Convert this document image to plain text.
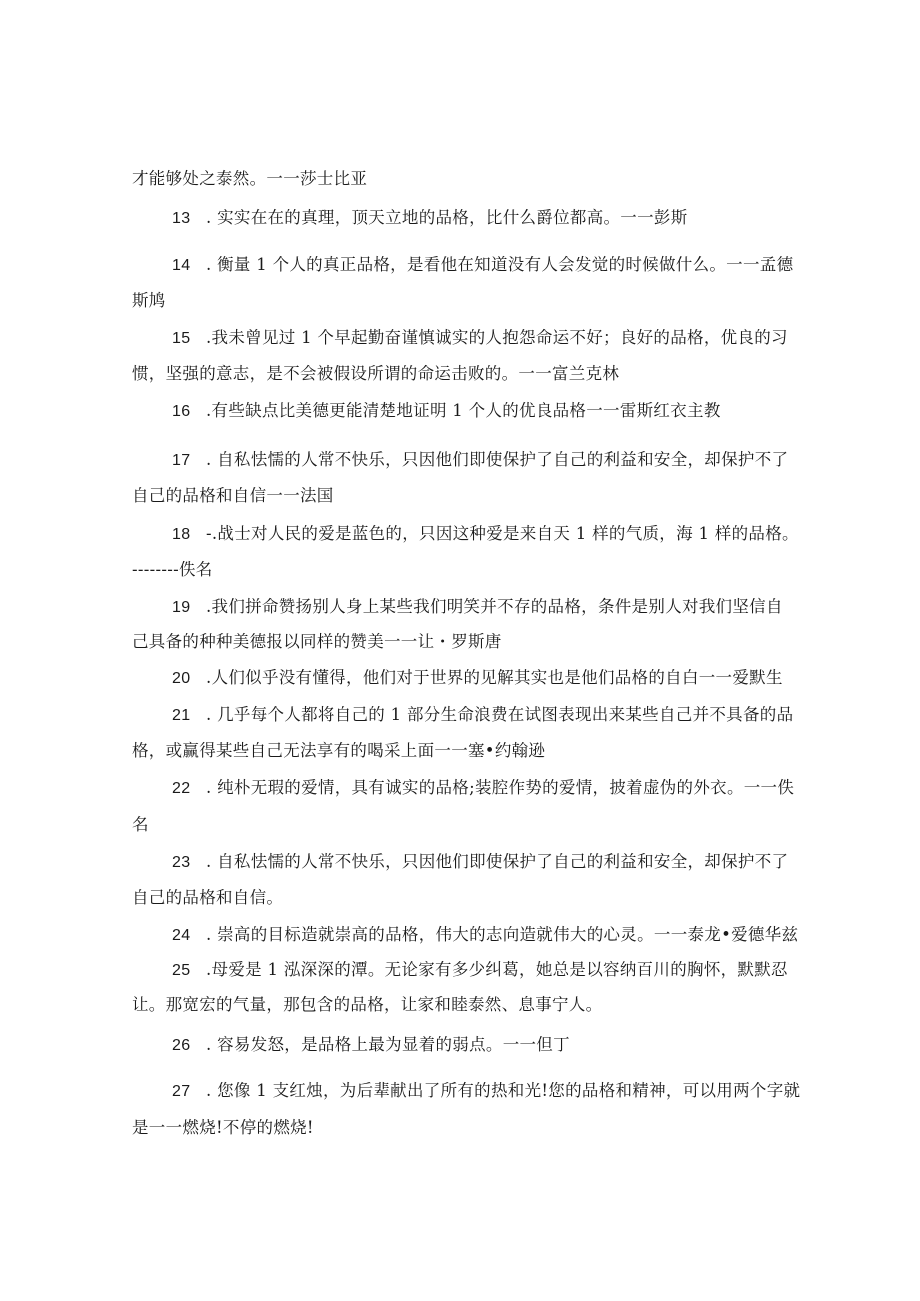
才能够处之泰然。一一莎士比亚
13 . 实实在在的真理，顶天立地的品格，比什么爵位都高。一一彭斯
14 . 衡量 1 个人的真正品格，是看他在知道没有人会发觉的时候做什么。一一孟德
斯鸠
15 .我未曾见过 1 个早起勤奋谨慎诚实的人抱怨命运不好；良好的品格，优良的习
惯，坚强的意志，是不会被假设所谓的命运击败的。一一富兰克林
16 .有些缺点比美德更能清楚地证明 1 个人的优良品格一一雷斯红衣主教
17 . 自私怯懦的人常不快乐，只因他们即使保护了自己的利益和安全，却保护不了
自己的品格和自信一一法国
18 -.战士对人民的爱是蓝色的，只因这种爱是来自天 1 样的气质，海 1 样的品格。
--------佚名
19 .我们拼命赞扬别人身上某些我们明笑并不存的品格，条件是别人对我们坚信自
己具备的种种美德报以同样的赞美一一让・罗斯唐
20 .人们似乎没有懂得，他们对于世界的见解其实也是他们品格的自白一一爱默生
21 . 几乎每个人都将自己的 1 部分生命浪费在试图表现出来某些自己并不具备的品
格，或赢得某些自己无法享有的喝采上面一一塞•约翰逊
22 . 纯朴无瑕的爱情，具有诚实的品格;装腔作势的爱情，披着虚伪的外衣。一一佚
名
23 . 自私怯懦的人常不快乐，只因他们即使保护了自己的利益和安全，却保护不了
自己的品格和自信。
24 . 崇高的目标造就崇高的品格，伟大的志向造就伟大的心灵。一一泰龙•爱德华兹
25 .母爱是 1 泓深深的潭。无论家有多少纠葛，她总是以容纳百川的胸怀，默默忍
让。那宽宏的气量，那包含的品格，让家和睦泰然、息事宁人。
26 . 容易发怒，是品格上最为显着的弱点。一一但丁
27 . 您像 1 支红烛，为后辈献出了所有的热和光!您的品格和精神，可以用两个字就
是一一燃烧!不停的燃烧!
